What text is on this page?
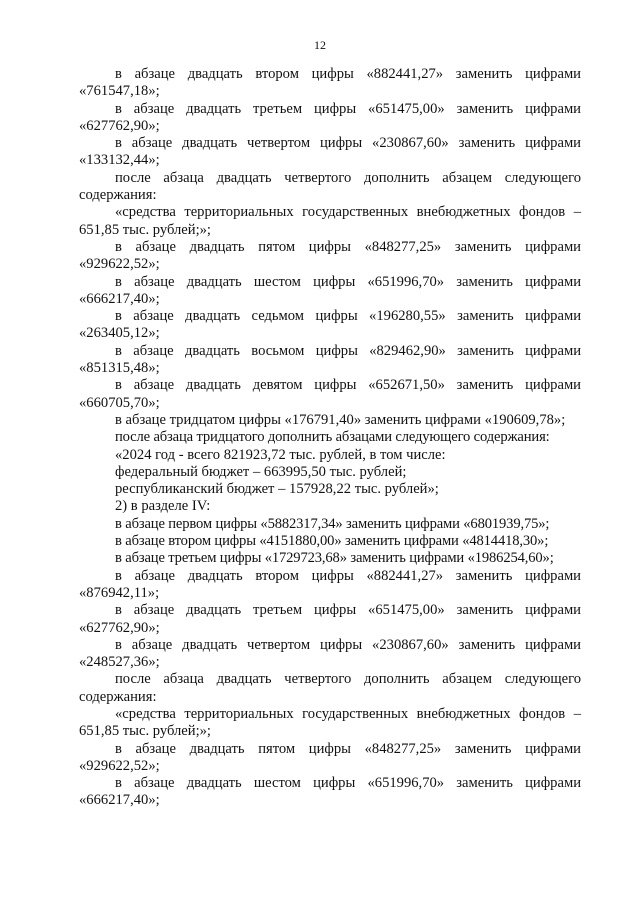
12

в абзаце двадцать втором цифры «882441,27» заменить цифрами «761547,18»;

в абзаце двадцать третьем цифры «651475,00» заменить цифрами «627762,90»;

в абзаце двадцать четвертом цифры «230867,60» заменить цифрами «133132,44»;

после абзаца двадцать четвертого дополнить абзацем следующего содержания:

«средства территориальных государственных внебюджетных фондов – 651,85 тыс. рублей;»;

в абзаце двадцать пятом цифры «848277,25» заменить цифрами «929622,52»;

в абзаце двадцать шестом цифры «651996,70» заменить цифрами «666217,40»;

в абзаце двадцать седьмом цифры «196280,55» заменить цифрами «263405,12»;

в абзаце двадцать восьмом цифры «829462,90» заменить цифрами «851315,48»;

в абзаце двадцать девятом цифры «652671,50» заменить цифрами «660705,70»;

в абзаце тридцатом цифры «176791,40» заменить цифрами «190609,78»;

после абзаца тридцатого дополнить абзацами следующего содержания:

«2024 год - всего 821923,72 тыс. рублей, в том числе:

федеральный бюджет – 663995,50 тыс. рублей;

республиканский бюджет – 157928,22 тыс. рублей»;

2) в разделе IV:

в абзаце первом цифры «5882317,34» заменить цифрами «6801939,75»;

в абзаце втором цифры «4151880,00» заменить цифрами «4814418,30»;

в абзаце третьем цифры «1729723,68» заменить цифрами «1986254,60»;

в абзаце двадцать втором цифры «882441,27» заменить цифрами «876942,11»;

в абзаце двадцать третьем цифры «651475,00» заменить цифрами «627762,90»;

в абзаце двадцать четвертом цифры «230867,60» заменить цифрами «248527,36»;

после абзаца двадцать четвертого дополнить абзацем следующего содержания:

«средства территориальных государственных внебюджетных фондов – 651,85 тыс. рублей;»;

в абзаце двадцать пятом цифры «848277,25» заменить цифрами «929622,52»;

в абзаце двадцать шестом цифры «651996,70» заменить цифрами «666217,40»;
